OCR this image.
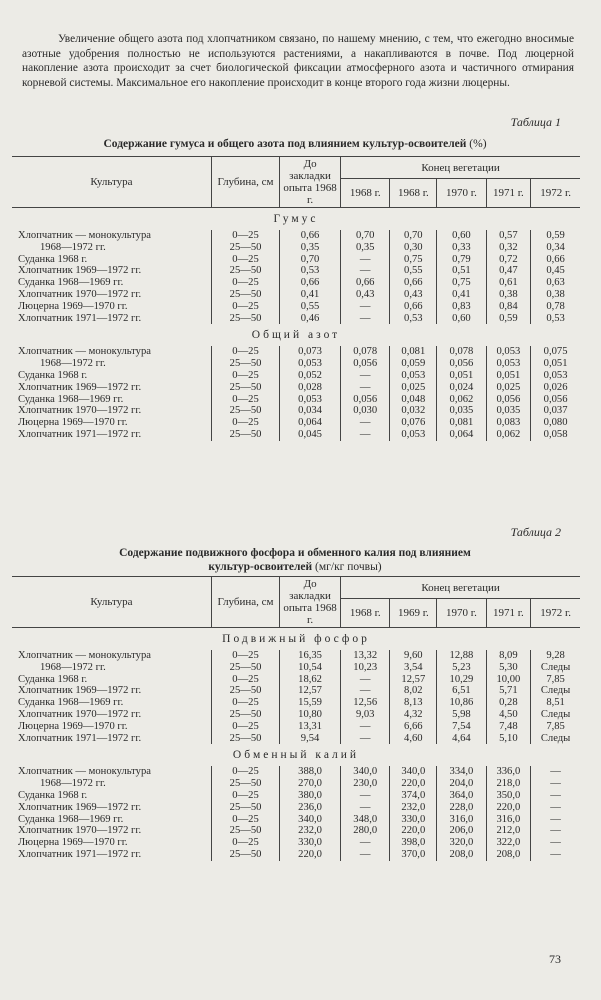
Увеличение общего азота под хлопчатником связано, по нашему мнению, с тем, что ежегодно вносимые азотные удобрения полностью не используются растениями, а накапливаются в почве. Под люцерной накопление азота происходит за счет биологической фиксации атмосферного азота и частичного отмирания корневой системы. Максимальное его накопление происходит в конце второго года жизни люцерны.

Таблица 1
Содержание гумуса и общего азота под влиянием культур-освоителей (%)
Культура	Глубина, см	До закладки опыта 1968 г.	Конец вегетации				
			1968 г.	1968 г.	1970 г.	1971 г.	1972 г.
Гумус							
Хлопчатник — монокультура	0—25	0,66	0,70	0,70	0,60	0,57	0,59
1968—1972 гг.	25—50	0,35	0,35	0,30	0,33	0,32	0,34
Суданка 1968 г.	0—25	0,70	—	0,75	0,79	0,72	0,66
Хлопчатник 1969—1972 гг.	25—50	0,53	—	0,55	0,51	0,47	0,45
Суданка 1968—1969 гг.	0—25	0,66	0,66	0,66	0,75	0,61	0,63
Хлопчатник 1970—1972 гг.	25—50	0,41	0,43	0,43	0,41	0,38	0,38
Люцерна 1969—1970 гг.	0—25	0,55	—	0,66	0,83	0,84	0,78
Хлопчатник 1971—1972 гг.	25—50	0,46	—	0,53	0,60	0,59	0,53
Общий азот							
Хлопчатник — монокультура	0—25	0,073	0,078	0,081	0,078	0,053	0,075
1968—1972 гг.	25—50	0,053	0,056	0,059	0,056	0,053	0,051
Суданка 1968 г.	0—25	0,052	—	0,053	0,051	0,051	0,053
Хлопчатник 1969—1972 гг.	25—50	0,028	—	0,025	0,024	0,025	0,026
Суданка 1968—1969 гг.	0—25	0,053	0,056	0,048	0,062	0,056	0,056
Хлопчатник 1970—1972 гг.	25—50	0,034	0,030	0,032	0,035	0,035	0,037
Люцерна 1969—1970 гг.	0—25	0,064	—	0,076	0,081	0,083	0,080
Хлопчатник 1971—1972 гг.	25—50	0,045	—	0,053	0,064	0,062	0,058
Таблица 2
Содержание подвижного фосфора и обменного калия под влиянием
культур-освоителей (мг/кг почвы)
Культура	Глубина, см	До закладки опыта 1968 г.	Конец вегетации				
			1968 г.	1969 г.	1970 г.	1971 г.	1972 г.
Подвижный фосфор							
Хлопчатник — монокультура	0—25	16,35	13,32	9,60	12,88	8,09	9,28
1968—1972 гг.	25—50	10,54	10,23	3,54	5,23	5,30	Следы
Суданка 1968 г.	0—25	18,62	—	12,57	10,29	10,00	7,85
Хлопчатник 1969—1972 гг.	25—50	12,57	—	8,02	6,51	5,71	Следы
Суданка 1968—1969 гг.	0—25	15,59	12,56	8,13	10,86	0,28	8,51
Хлопчатник 1970—1972 гг.	25—50	10,80	9,03	4,32	5,98	4,50	Следы
Люцерна 1969—1970 гг.	0—25	13,31	—	6,66	7,54	7,48	7,85
Хлопчатник 1971—1972 гг.	25—50	9,54	—	4,60	4,64	5,10	Следы
Обменный калий							
Хлопчатник — монокультура	0—25	388,0	340,0	340,0	334,0	336,0	—
1968—1972 гг.	25—50	270,0	230,0	220,0	204,0	218,0	—
Суданка 1968 г.	0—25	380,0	—	374,0	364,0	350,0	—
Хлопчатник 1969—1972 гг.	25—50	236,0	—	232,0	228,0	220,0	—
Суданка 1968—1969 гг.	0—25	340,0	348,0	330,0	316,0	316,0	—
Хлопчатник 1970—1972 гг.	25—50	232,0	280,0	220,0	206,0	212,0	—
Люцерна 1969—1970 гг.	0—25	330,0	—	398,0	320,0	322,0	—
Хлопчатник 1971—1972 гг.	25—50	220,0	—	370,0	208,0	208,0	—
73
